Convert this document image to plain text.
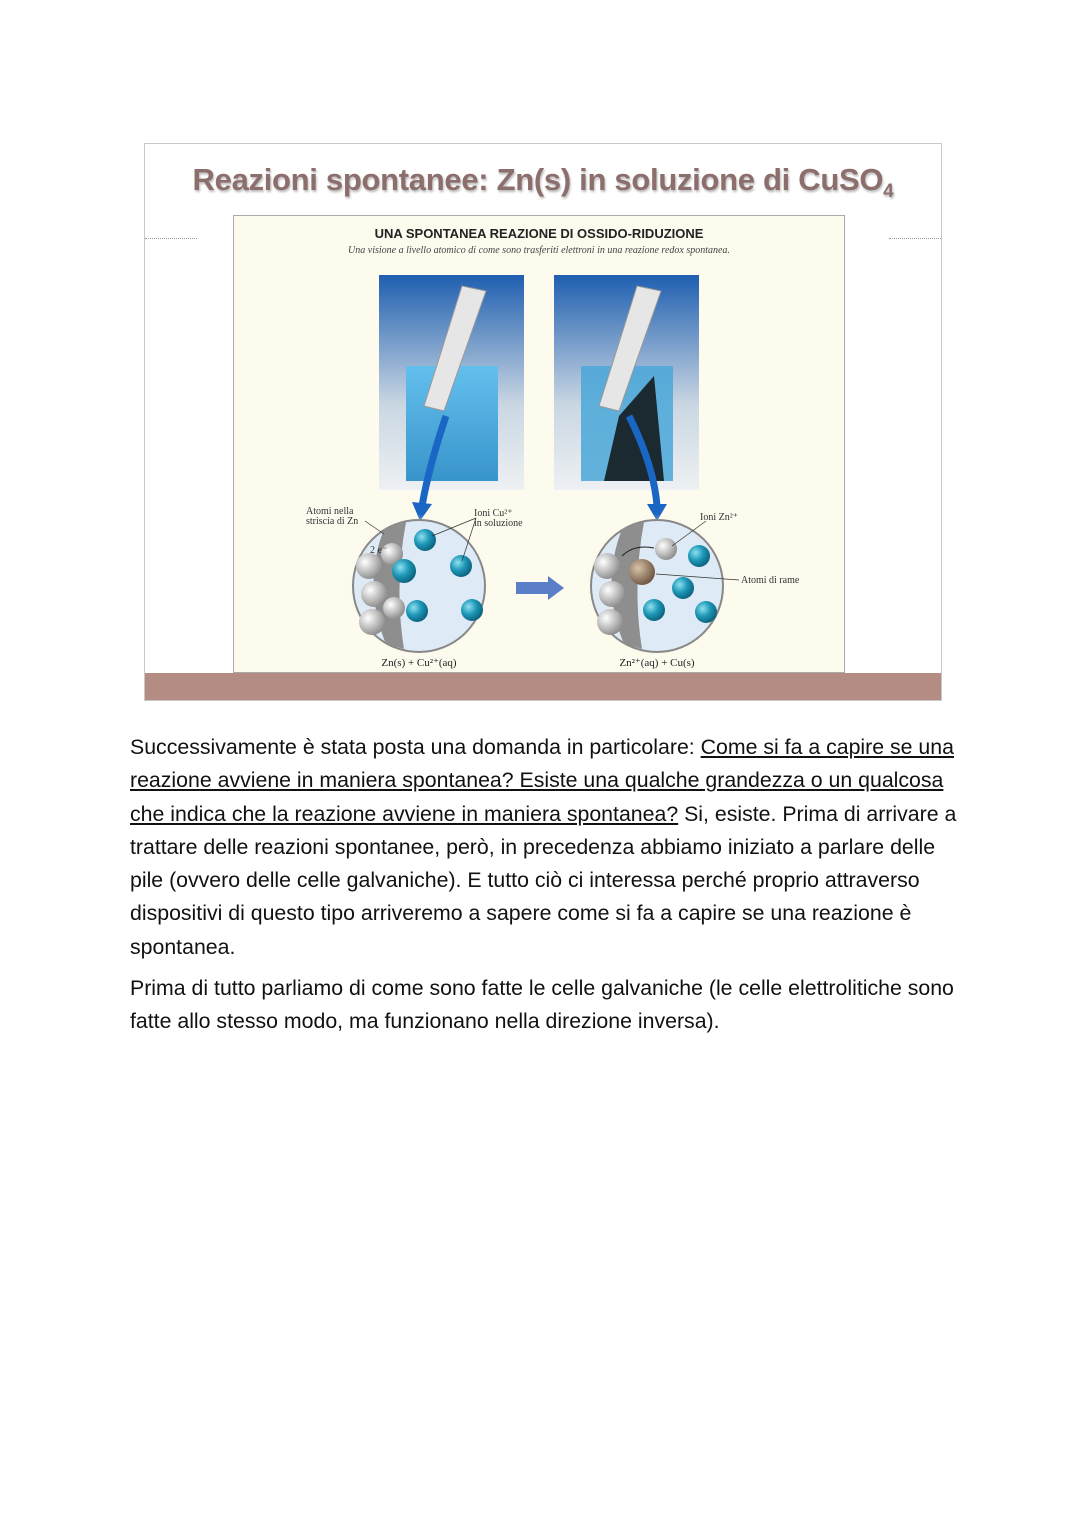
Reazioni spontanee: Zn(s) in soluzione di CuSO$_4$
Atomi nella
striscia di Zn
2 e⁻
Ioni Cu²⁺
in soluzione
Ioni Zn²⁺
Atomi di rame
Zn(s) + Cu²⁺(aq)	Zn²⁺(aq) + Cu(s)
UNA SPONTANEA REAZIONE DI OSSIDO-RIDUZIONE
Una visione a livello atomico di come sono trasferiti elettroni in una reazione redox spontanea.

Successivamente è stata posta una domanda in particolare: Come si fa a capire se una reazione avviene in maniera spontanea? Esiste una qualche grandezza o un qualcosa che indica che la reazione avviene in maniera spontanea? Si, esiste. Prima di arrivare a trattare delle reazioni spontanee, però, in precedenza abbiamo iniziato a parlare delle pile (ovvero delle celle galvaniche). E tutto ciò ci interessa perché proprio attraverso dispositivi di questo tipo arriveremo a sapere come si fa a capire se una reazione è spontanea.

Prima di tutto parliamo di come sono fatte le celle galvaniche (le celle elettrolitiche sono fatte allo stesso modo, ma funzionano nella direzione inversa).
